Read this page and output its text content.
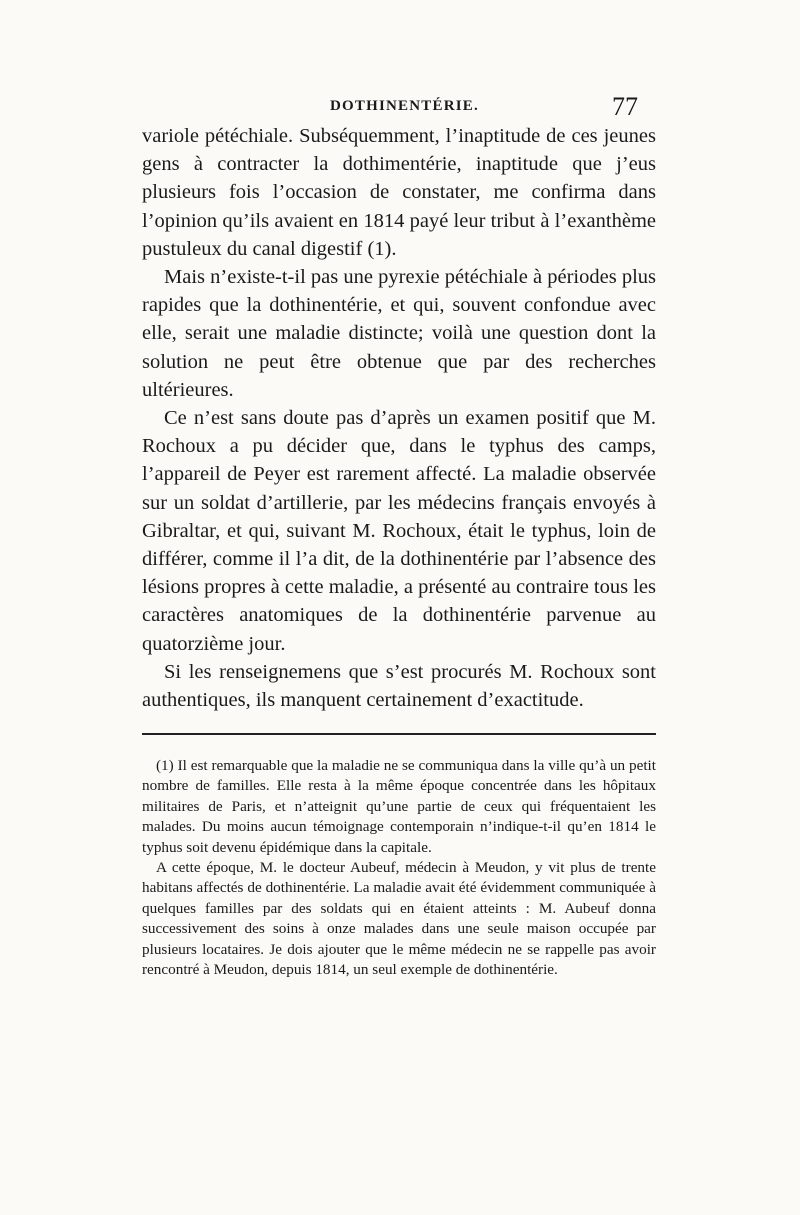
DOTHINENTÉRIE.	77

variole pétéchiale. Subséquemment, l’inaptitude de ces jeunes gens à contracter la dothimentérie, inaptitude que j’eus plusieurs fois l’occasion de constater, me confirma dans l’opinion qu’ils avaient en 1814 payé leur tribut à l’exanthème pustuleux du canal digestif (1).

Mais n’existe-t-il pas une pyrexie pétéchiale à périodes plus rapides que la dothinentérie, et qui, souvent confondue avec elle, serait une maladie distincte; voilà une question dont la solution ne peut être obtenue que par des recherches ultérieures.

Ce n’est sans doute pas d’après un examen positif que M. Rochoux a pu décider que, dans le typhus des camps, l’appareil de Peyer est rarement affecté. La maladie observée sur un soldat d’artillerie, par les médecins français envoyés à Gibraltar, et qui, suivant M. Rochoux, était le typhus, loin de différer, comme il l’a dit, de la dothinentérie par l’absence des lésions propres à cette maladie, a présenté au contraire tous les caractères anatomiques de la dothinentérie parvenue au quatorzième jour.

Si les renseignemens que s’est procurés M. Rochoux sont authentiques, ils manquent certainement d’exactitude.

(1) Il est remarquable que la maladie ne se communiqua dans la ville qu’à un petit nombre de familles. Elle resta à la même époque concentrée dans les hôpitaux militaires de Paris, et n’atteignit qu’une partie de ceux qui fréquentaient les malades. Du moins aucun témoignage contemporain n’indique-t-il qu’en 1814 le typhus soit devenu épidémique dans la capitale.

A cette époque, M. le docteur Aubeuf, médecin à Meudon, y vit plus de trente habitans affectés de dothinentérie. La maladie avait été évidemment communiquée à quelques familles par des soldats qui en étaient atteints : M. Aubeuf donna successivement des soins à onze malades dans une seule maison occupée par plusieurs locataires. Je dois ajouter que le même médecin ne se rappelle pas avoir rencontré à Meudon, depuis 1814, un seul exemple de dothinentérie.
